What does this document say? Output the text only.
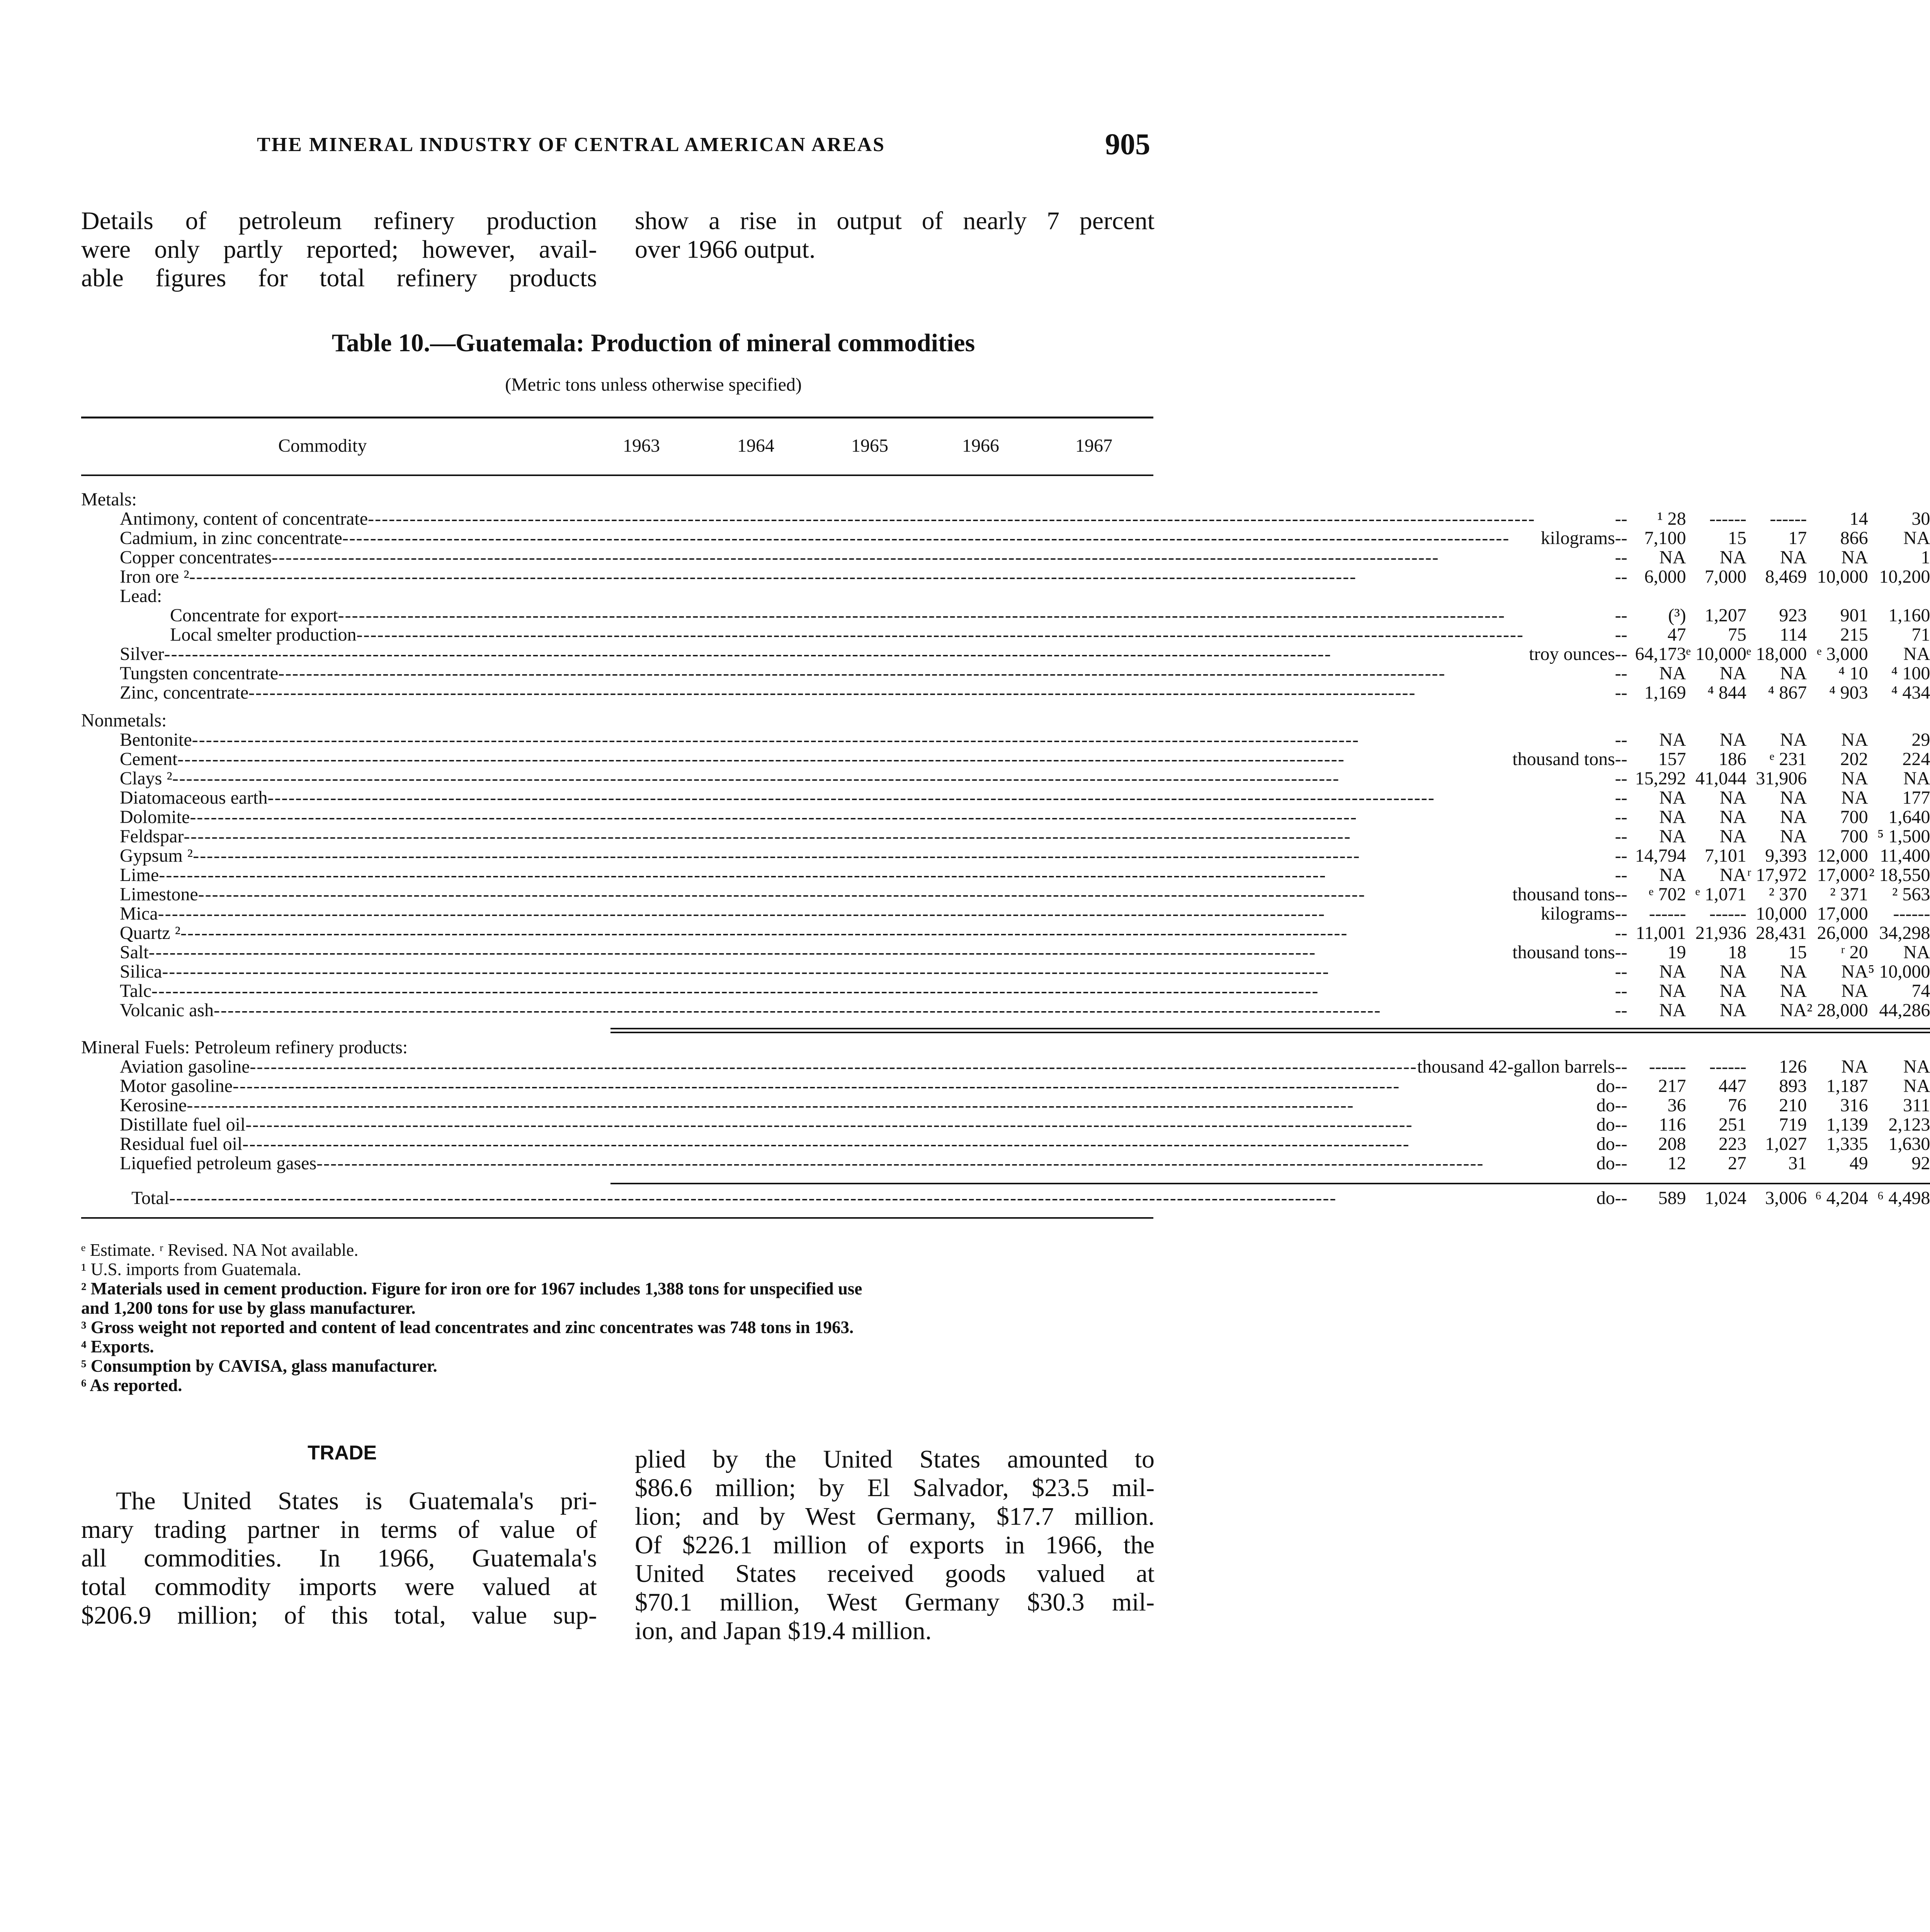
THE MINERAL INDUSTRY OF CENTRAL AMERICAN AREAS	905
Details of petroleum refinery production
were only partly reported; however, avail-
able figures for total refinery products
show a rise in output of nearly 7 percent
over 1966 output.
Table 10.—Guatemala: Production of mineral commodities
(Metric tons unless otherwise specified)
Commodity	1963	1964	1965	1966	1967
Metals:					

Antimony, content of concentrate ----- --	¹ 28	------	------	14	30

Cadmium, in zinc concentrate ----- kilograms --	7,100	15	17	866	NA

Copper concentrates ----- --	NA	NA	NA	NA	1

Iron ore ² ----- --	6,000	7,000	8,469	10,000	10,200
Lead:					

Concentrate for export ----- --	(³)	1,207	923	901	1,160

Local smelter production ----- --	47	75	114	215	71

Silver ----- troy ounces --	64,173	ᵉ 10,000	ᵉ 18,000	ᵉ 3,000	NA

Tungsten concentrate ----- --	NA	NA	NA	⁴ 10	⁴ 100

Zinc, concentrate ----- --	1,169	⁴ 844	⁴ 867	⁴ 903	⁴ 434

Nonmetals:					

Bentonite ----- --	NA	NA	NA	NA	29

Cement ----- thousand tons --	157	186	ᵉ 231	202	224

Clays ² ----- --	15,292	41,044	31,906	NA	NA

Diatomaceous earth ----- --	NA	NA	NA	NA	177

Dolomite ----- --	NA	NA	NA	700	1,640

Feldspar ----- --	NA	NA	NA	700	⁵ 1,500

Gypsum ² ----- --	14,794	7,101	9,393	12,000	11,400

Lime ----- --	NA	NA	ʳ 17,972	17,000	² 18,550

Limestone ----- thousand tons --	ᵉ 702	ᵉ 1,071	² 370	² 371	² 563

Mica ----- kilograms --	------	------	10,000	17,000	------

Quartz ² ----- --	11,001	21,936	28,431	26,000	34,298

Salt ----- thousand tons --	19	18	15	ʳ 20	NA

Silica ----- --	NA	NA	NA	NA	⁵ 10,000

Talc ----- --	NA	NA	NA	NA	74

Volcanic ash ----- --	NA	NA	NA	² 28,000	44,286

Mineral Fuels: Petroleum refinery products:					

Aviation gasoline ----- thousand 42-gallon barrels --	------	------	126	NA	NA

Motor gasoline ----- do --	217	447	893	1,187	NA

Kerosine ----- do --	36	76	210	316	311

Distillate fuel oil ----- do --	116	251	719	1,139	2,123

Residual fuel oil ----- do --	208	223	1,027	1,335	1,630

Liquefied petroleum gases ----- do --	12	27	31	49	92

Total ----- do --	589	1,024	3,006	⁶ 4,204	⁶ 4,498
ᵉ Estimate. ʳ Revised. NA Not available.
¹ U.S. imports from Guatemala.
² Materials used in cement production. Figure for iron ore for 1967 includes 1,388 tons for unspecified use
and 1,200 tons for use by glass manufacturer.
³ Gross weight not reported and content of lead concentrates and zinc concentrates was 748 tons in 1963.
⁴ Exports.
⁵ Consumption by CAVISA, glass manufacturer.
⁶ As reported.
TRADE
The United States is Guatemala's pri-
mary trading partner in terms of value of
all commodities. In 1966, Guatemala's
total commodity imports were valued at
$206.9 million; of this total, value sup-
plied by the United States amounted to
$86.6 million; by El Salvador, $23.5 mil-
lion; and by West Germany, $17.7 million.
Of $226.1 million of exports in 1966, the
United States received goods valued at
$70.1 million, West Germany $30.3 mil-
ion, and Japan $19.4 million.
